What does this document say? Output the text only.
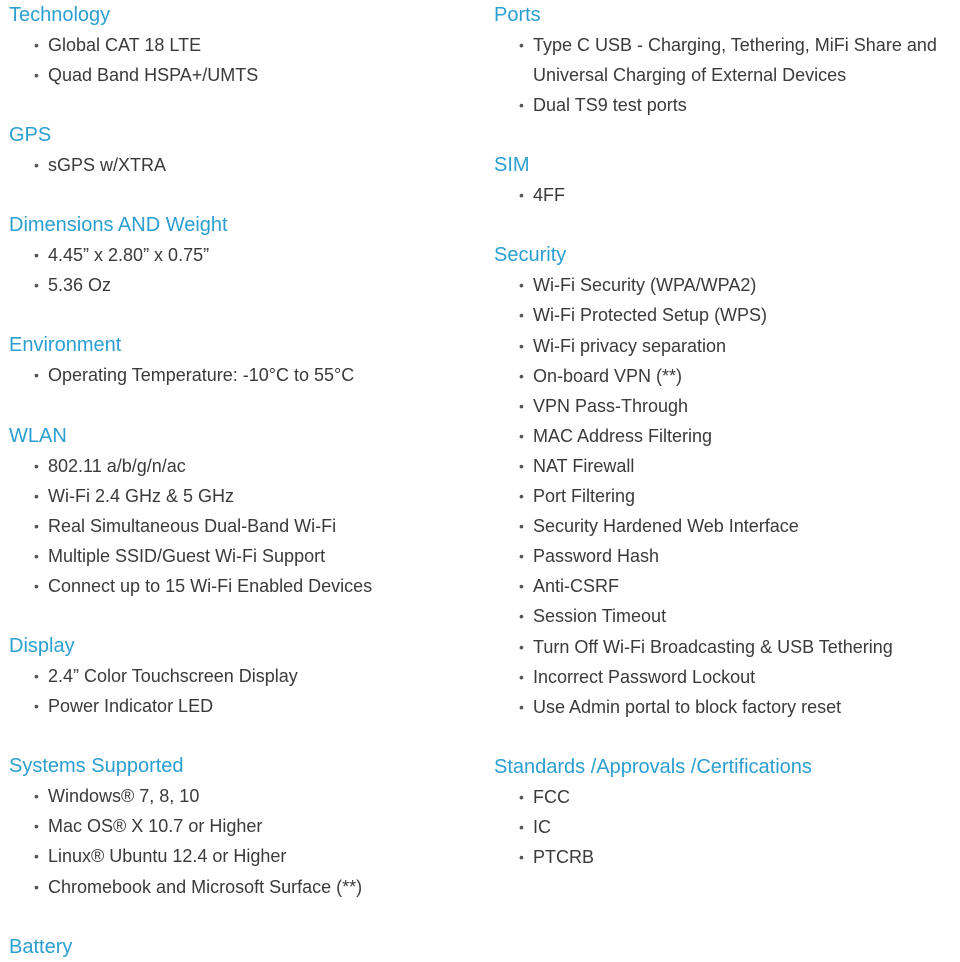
Technology
• Global CAT 18 LTE
• Quad Band HSPA+/UMTS
GPS
• sGPS w/XTRA
Dimensions AND Weight
• 4.45” x 2.80” x 0.75”
• 5.36 Oz
Environment
• Operating Temperature: -10°C to 55°C
WLAN
• 802.11 a/b/g/n/ac
• Wi-Fi 2.4 GHz & 5 GHz
• Real Simultaneous Dual-Band Wi-Fi
• Multiple SSID/Guest Wi-Fi Support
• Connect up to 15 Wi-Fi Enabled Devices
Display
• 2.4” Color Touchscreen Display
• Power Indicator LED
Systems Supported
• Windows® 7, 8, 10
• Mac OS® X 10.7 or Higher
• Linux® Ubuntu 12.4 or Higher
• Chromebook and Microsoft Surface (**)
Battery
Ports
• Type C USB - Charging, Tethering, MiFi Share and Universal Charging of External Devices
• Dual TS9 test ports
SIM
• 4FF
Security
• Wi-Fi Security (WPA/WPA2)
• Wi-Fi Protected Setup (WPS)
• Wi-Fi privacy separation
• On-board VPN (**)
• VPN Pass-Through
• MAC Address Filtering
• NAT Firewall
• Port Filtering
• Security Hardened Web Interface
• Password Hash
• Anti-CSRF
• Session Timeout
• Turn Off Wi-Fi Broadcasting & USB Tethering
• Incorrect Password Lockout
• Use Admin portal to block factory reset
Standards /Approvals /Certifications
• FCC
• IC
• PTCRB
